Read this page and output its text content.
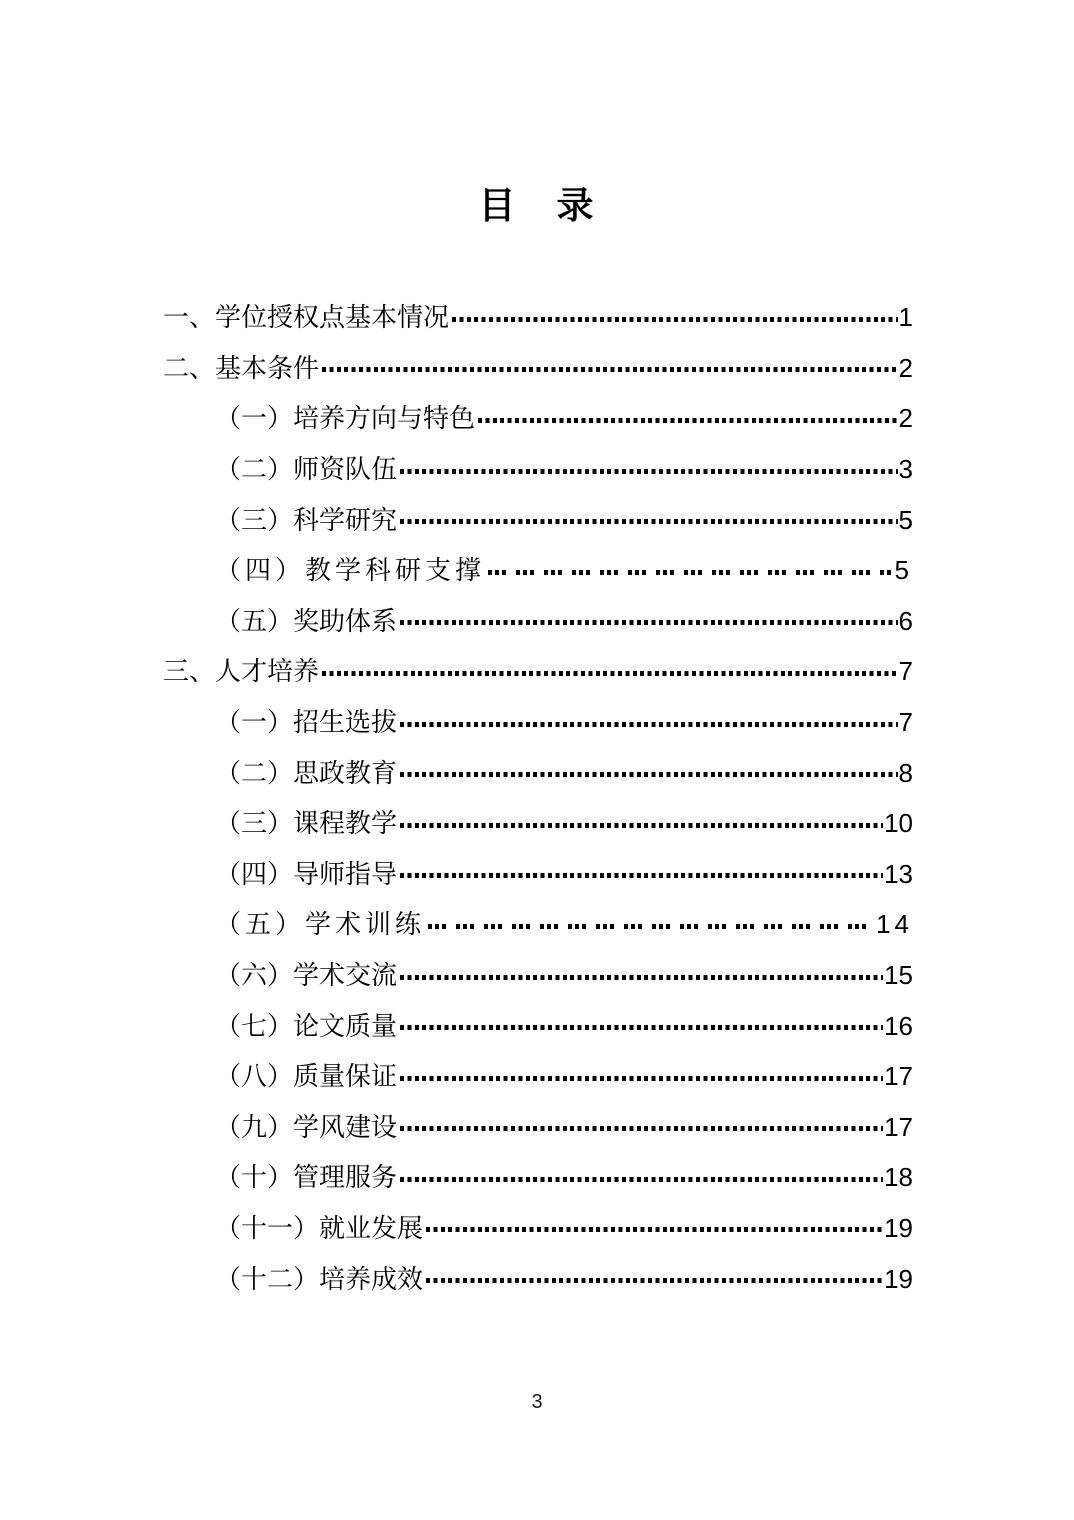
目　录
一、学位授权点基本情况	1
二、基本条件	2
（一）培养方向与特色	2
（二）师资队伍	3
（三）科学研究	5
（四）教学科研支撑	5
（五）奖助体系	6
三、人才培养	7
（一）招生选拔	7
（二）思政教育	8
（三）课程教学	10
（四）导师指导	13
（五）学术训练	14
（六）学术交流	15
（七）论文质量	16
（八）质量保证	17
（九）学风建设	17
（十）管理服务	18
（十一）就业发展	19
（十二）培养成效	19
3
